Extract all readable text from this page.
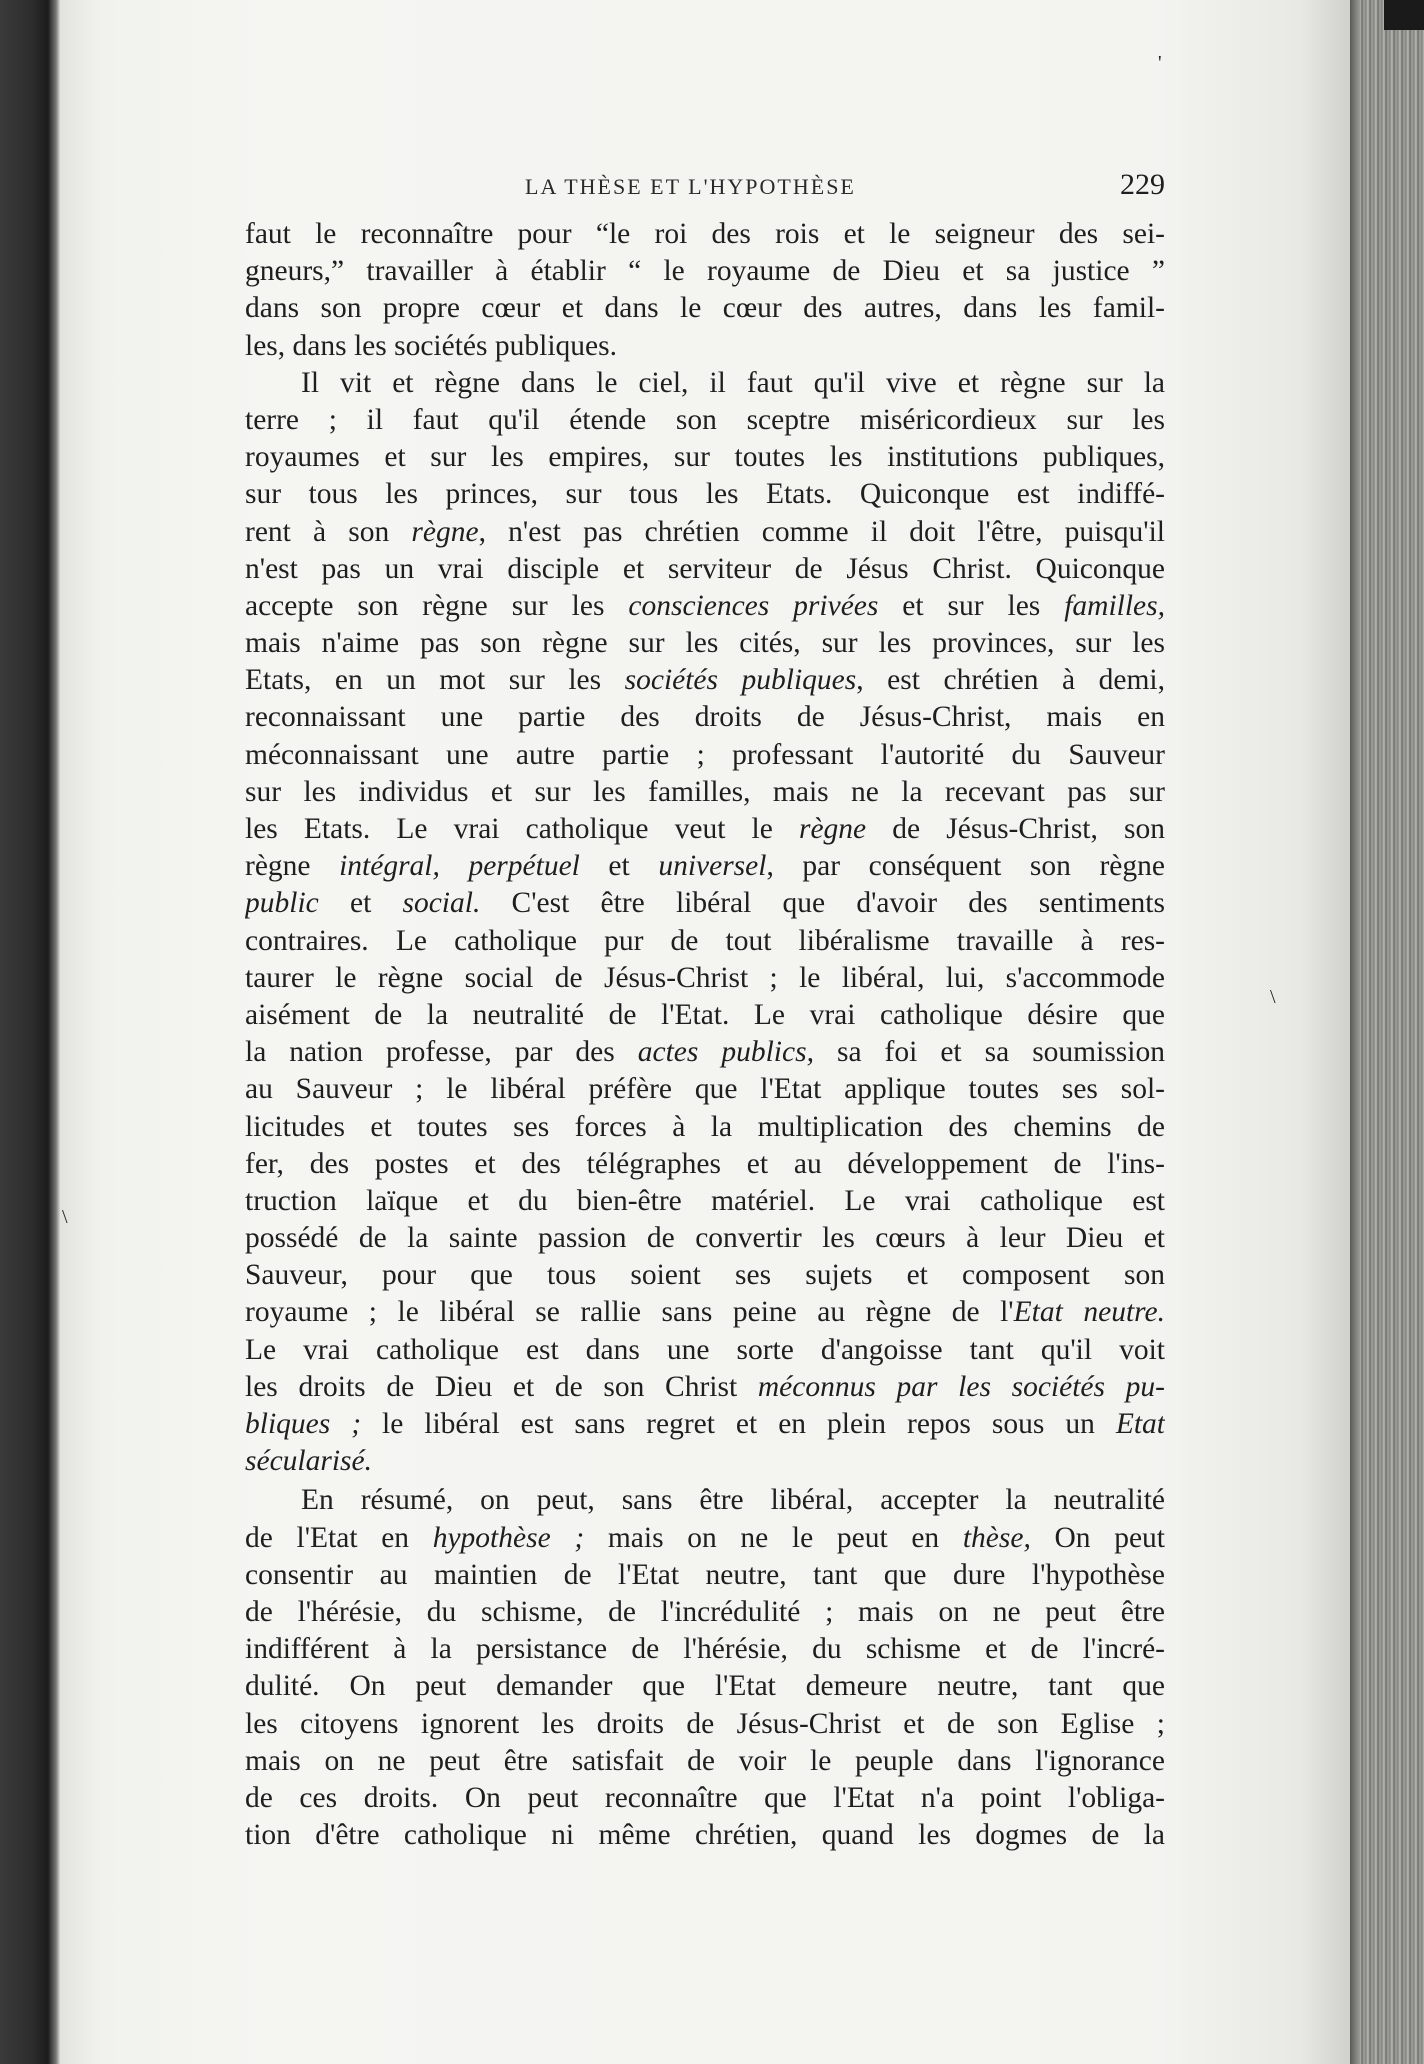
LA THÈSE ET L'HYPOTHÈSE	229
faut le reconnaître pour “le roi des rois et le seigneur des sei-
gneurs,” travailler à établir “ le royaume de Dieu et sa justice ”
dans son propre cœur et dans le cœur des autres, dans les famil-
les, dans les sociétés publiques.
Il vit et règne dans le ciel, il faut qu'il vive et règne sur la
terre ; il faut qu'il étende son sceptre miséricordieux sur les
royaumes et sur les empires, sur toutes les institutions publiques,
sur tous les princes, sur tous les Etats. Quiconque est indiffé-
rent à son règne, n'est pas chrétien comme il doit l'être, puisqu'il
n'est pas un vrai disciple et serviteur de Jésus Christ. Quiconque
accepte son règne sur les consciences privées et sur les familles,
mais n'aime pas son règne sur les cités, sur les provinces, sur les
Etats, en un mot sur les sociétés publiques, est chrétien à demi,
reconnaissant une partie des droits de Jésus-Christ, mais en
méconnaissant une autre partie ; professant l'autorité du Sauveur
sur les individus et sur les familles, mais ne la recevant pas sur
les Etats. Le vrai catholique veut le règne de Jésus-Christ, son
règne intégral, perpétuel et universel, par conséquent son règne
public et social. C'est être libéral que d'avoir des sentiments
contraires. Le catholique pur de tout libéralisme travaille à res-
taurer le règne social de Jésus-Christ ; le libéral, lui, s'accommode
aisément de la neutralité de l'Etat. Le vrai catholique désire que
la nation professe, par des actes publics, sa foi et sa soumission
au Sauveur ; le libéral préfère que l'Etat applique toutes ses sol-
licitudes et toutes ses forces à la multiplication des chemins de
fer, des postes et des télégraphes et au développement de l'ins-
truction laïque et du bien-être matériel. Le vrai catholique est
possédé de la sainte passion de convertir les cœurs à leur Dieu et
Sauveur, pour que tous soient ses sujets et composent son
royaume ; le libéral se rallie sans peine au règne de l'Etat neutre.
Le vrai catholique est dans une sorte d'angoisse tant qu'il voit
les droits de Dieu et de son Christ méconnus par les sociétés pu-
bliques ; le libéral est sans regret et en plein repos sous un Etat
sécularisé.
En résumé, on peut, sans être libéral, accepter la neutralité
de l'Etat en hypothèse ; mais on ne le peut en thèse, On peut
consentir au maintien de l'Etat neutre, tant que dure l'hypothèse
de l'hérésie, du schisme, de l'incrédulité ; mais on ne peut être
indifférent à la persistance de l'hérésie, du schisme et de l'incré-
dulité. On peut demander que l'Etat demeure neutre, tant que
les citoyens ignorent les droits de Jésus-Christ et de son Eglise ;
mais on ne peut être satisfait de voir le peuple dans l'ignorance
de ces droits. On peut reconnaître que l'Etat n'a point l'obliga-
tion d'être catholique ni même chrétien, quand les dogmes de la
'
\
\
